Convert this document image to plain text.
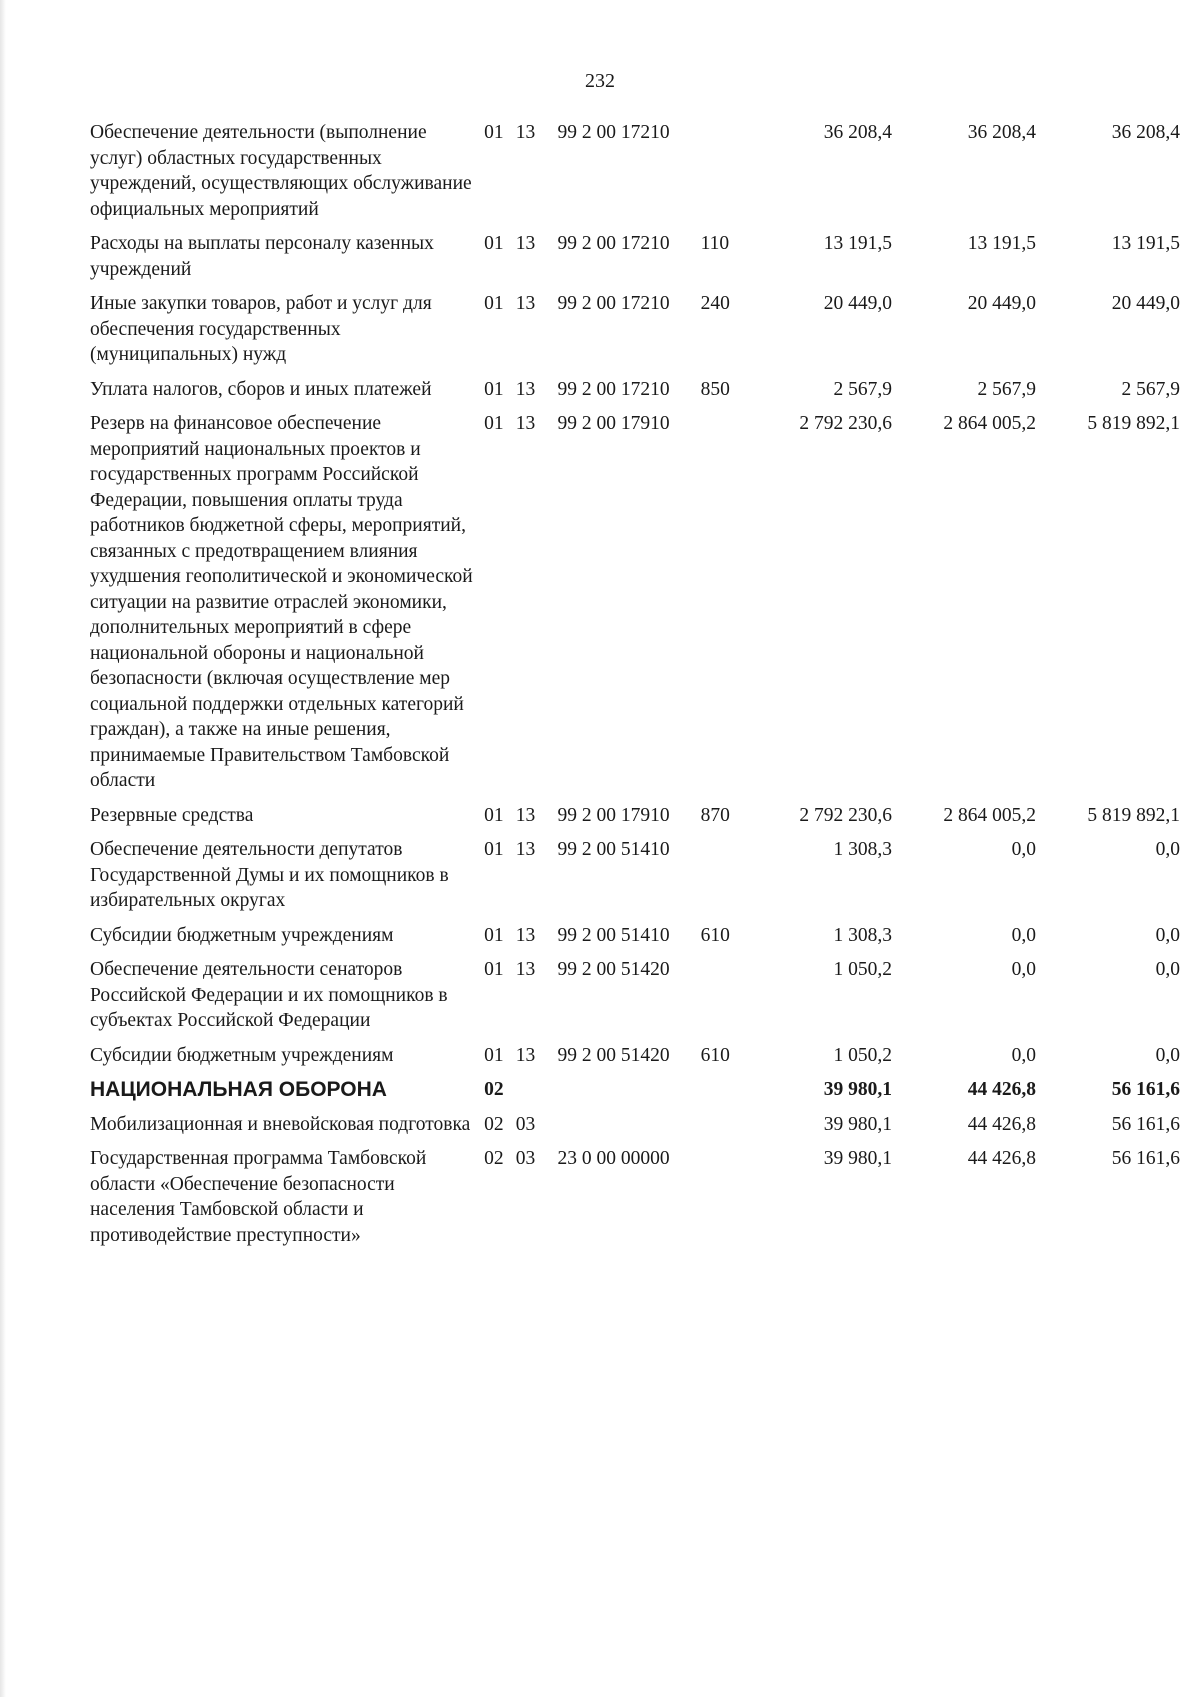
232
Обеспечение деятельности (выполнение услуг) областных государственных учреждений, осуществляющих обслуживание официальных мероприятий	01	13	99 2 00 17210		36 208,4	36 208,4	36 208,4
Расходы на выплаты персоналу казенных учреждений	01	13	99 2 00 17210	110	13 191,5	13 191,5	13 191,5
Иные закупки товаров, работ и услуг для обеспечения государственных (муниципальных) нужд	01	13	99 2 00 17210	240	20 449,0	20 449,0	20 449,0
Уплата налогов, сборов и иных платежей	01	13	99 2 00 17210	850	2 567,9	2 567,9	2 567,9
Резерв на финансовое обеспечение мероприятий национальных проектов и государственных программ Российской Федерации, повышения оплаты труда работников бюджетной сферы, мероприятий, связанных с предотвращением влияния ухудшения геополитической и экономической ситуации на развитие отраслей экономики, дополнительных мероприятий в сфере национальной обороны и национальной безопасности (включая осуществление мер социальной поддержки отдельных категорий граждан), а также на иные решения, принимаемые Правительством Тамбовской области	01	13	99 2 00 17910		2 792 230,6	2 864 005,2	5 819 892,1
Резервные средства	01	13	99 2 00 17910	870	2 792 230,6	2 864 005,2	5 819 892,1
Обеспечение деятельности депутатов Государственной Думы и их помощников в избирательных округах	01	13	99 2 00 51410		1 308,3	0,0	0,0
Субсидии бюджетным учреждениям	01	13	99 2 00 51410	610	1 308,3	0,0	0,0
Обеспечение деятельности сенаторов Российской Федерации и их помощников в субъектах Российской Федерации	01	13	99 2 00 51420		1 050,2	0,0	0,0
Субсидии бюджетным учреждениям	01	13	99 2 00 51420	610	1 050,2	0,0	0,0
НАЦИОНАЛЬНАЯ ОБОРОНА	02				39 980,1	44 426,8	56 161,6
Мобилизационная и вневойсковая подготовка	02	03			39 980,1	44 426,8	56 161,6
Государственная программа Тамбовской области «Обеспечение безопасности населения Тамбовской области и противодействие преступности»	02	03	23 0 00 00000		39 980,1	44 426,8	56 161,6
